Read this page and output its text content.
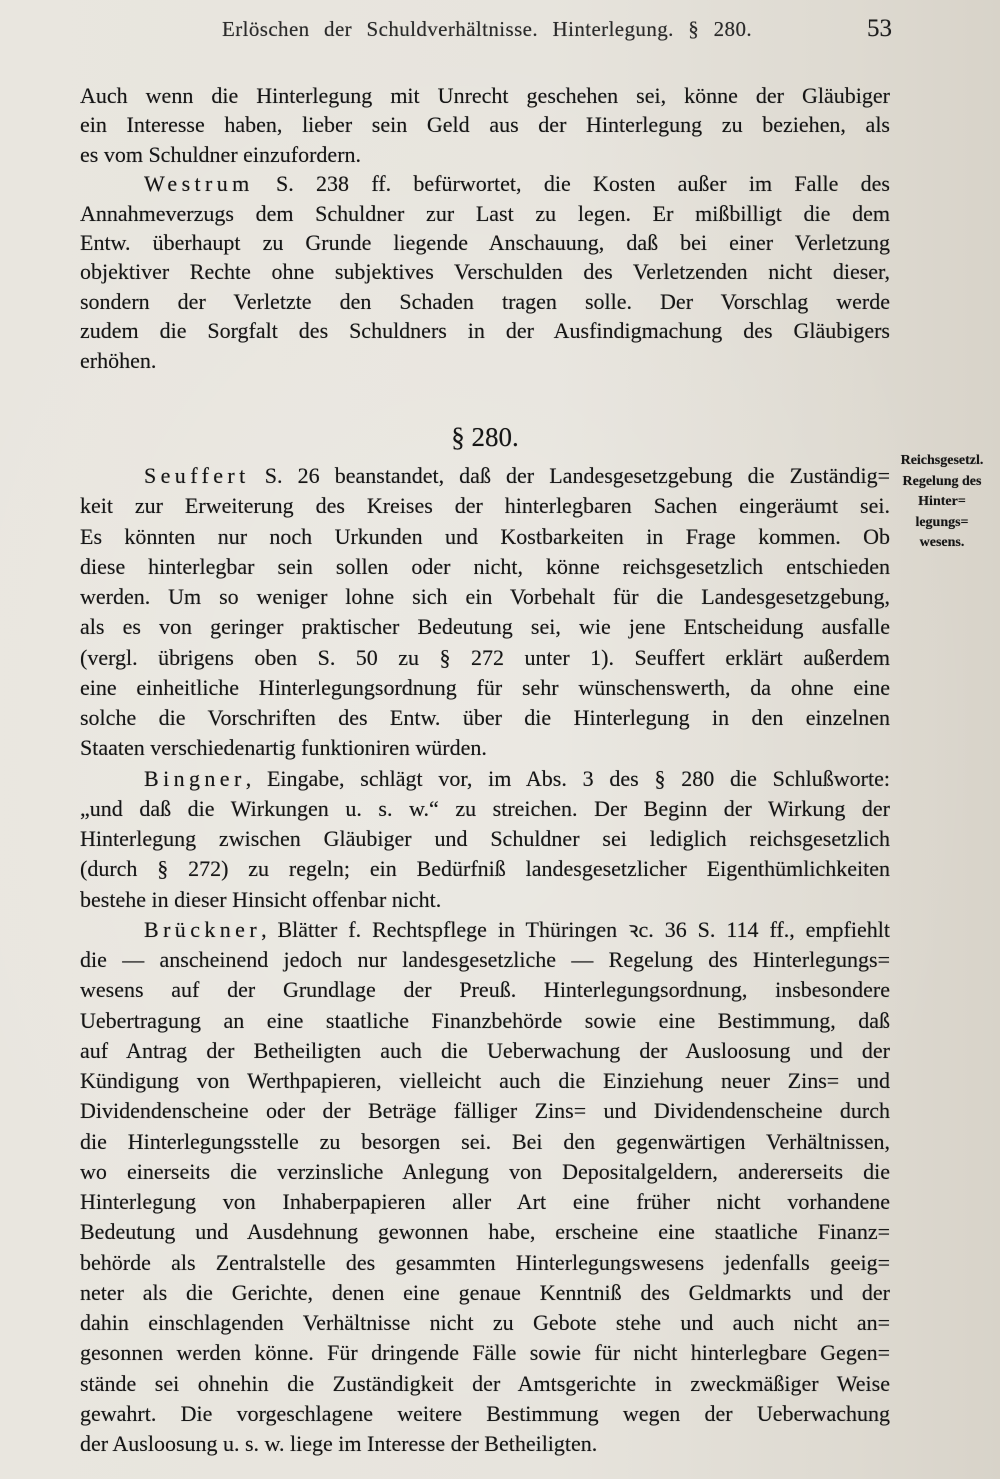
Erlöschen der Schuldverhältnisse. Hinterlegung. § 280.	53
Auch wenn die Hinterlegung mit Unrecht geschehen sei, könne der Gläubiger
ein Interesse haben, lieber sein Geld aus der Hinterlegung zu beziehen, als
es vom Schuldner einzufordern.
Westrum S. 238 ff. befürwortet, die Kosten außer im Falle des
Annahmeverzugs dem Schuldner zur Last zu legen. Er mißbilligt die dem
Entw. überhaupt zu Grunde liegende Anschauung, daß bei einer Verletzung
objektiver Rechte ohne subjektives Verschulden des Verletzenden nicht dieser,
sondern der Verletzte den Schaden tragen solle. Der Vorschlag werde
zudem die Sorgfalt des Schuldners in der Ausfindigmachung des Gläubigers
erhöhen.
§ 280.
Seuffert S. 26 beanstandet, daß der Landesgesetzgebung die Zuständig=
keit zur Erweiterung des Kreises der hinterlegbaren Sachen eingeräumt sei.
Es könnten nur noch Urkunden und Kostbarkeiten in Frage kommen. Ob
diese hinterlegbar sein sollen oder nicht, könne reichsgesetzlich entschieden
werden. Um so weniger lohne sich ein Vorbehalt für die Landesgesetzgebung,
als es von geringer praktischer Bedeutung sei, wie jene Entscheidung ausfalle
(vergl. übrigens oben S. 50 zu § 272 unter 1). Seuffert erklärt außerdem
eine einheitliche Hinterlegungsordnung für sehr wünschenswerth, da ohne eine
solche die Vorschriften des Entw. über die Hinterlegung in den einzelnen
Staaten verschiedenartig funktioniren würden.
Bingner, Eingabe, schlägt vor, im Abs. 3 des § 280 die Schlußworte:
„und daß die Wirkungen u. s. w.“ zu streichen. Der Beginn der Wirkung der
Hinterlegung zwischen Gläubiger und Schuldner sei lediglich reichsgesetzlich
(durch § 272) zu regeln; ein Bedürfniß landesgesetzlicher Eigenthümlichkeiten
bestehe in dieser Hinsicht offenbar nicht.
Brückner, Blätter f. Rechtspflege in Thüringen ꝛc. 36 S. 114 ff., empfiehlt
die — anscheinend jedoch nur landesgesetzliche — Regelung des Hinterlegungs=
wesens auf der Grundlage der Preuß. Hinterlegungsordnung, insbesondere
Uebertragung an eine staatliche Finanzbehörde sowie eine Bestimmung, daß
auf Antrag der Betheiligten auch die Ueberwachung der Ausloosung und der
Kündigung von Werthpapieren, vielleicht auch die Einziehung neuer Zins= und
Dividendenscheine oder der Beträge fälliger Zins= und Dividendenscheine durch
die Hinterlegungsstelle zu besorgen sei. Bei den gegenwärtigen Verhältnissen,
wo einerseits die verzinsliche Anlegung von Depositalgeldern, andererseits die
Hinterlegung von Inhaberpapieren aller Art eine früher nicht vorhandene
Bedeutung und Ausdehnung gewonnen habe, erscheine eine staatliche Finanz=
behörde als Zentralstelle des gesammten Hinterlegungswesens jedenfalls geeig=
neter als die Gerichte, denen eine genaue Kenntniß des Geldmarkts und der
dahin einschlagenden Verhältnisse nicht zu Gebote stehe und auch nicht an=
gesonnen werden könne. Für dringende Fälle sowie für nicht hinterlegbare Gegen=
stände sei ohnehin die Zuständigkeit der Amtsgerichte in zweckmäßiger Weise
gewahrt. Die vorgeschlagene weitere Bestimmung wegen der Ueberwachung
der Ausloosung u. s. w. liege im Interesse der Betheiligten.
Reichsgesetzl.
Regelung des
Hinter=
legungs=
wesens.
